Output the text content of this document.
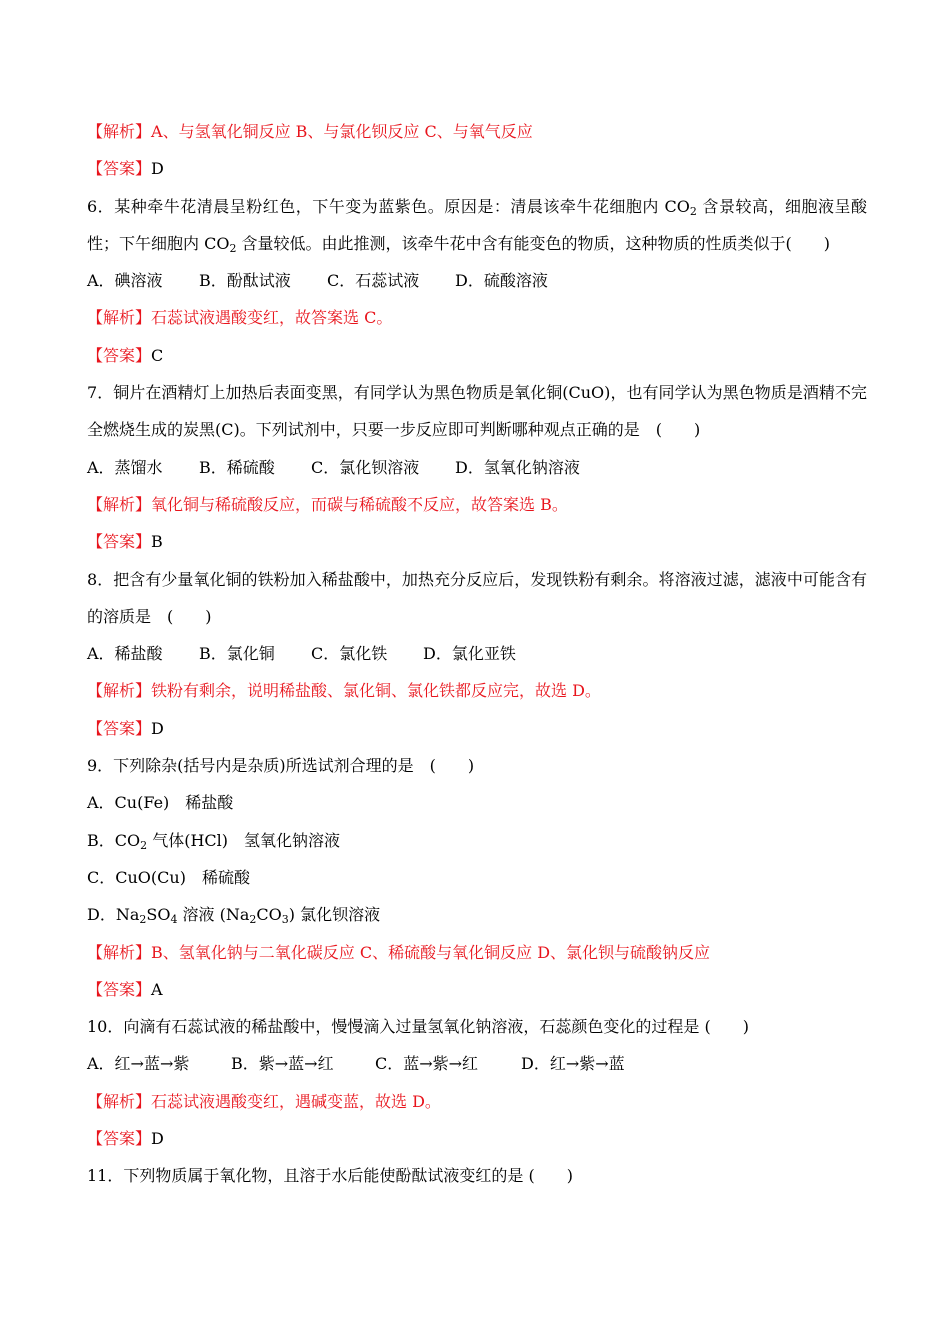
【解析】A、与氢氧化铜反应 B、与氯化钡反应 C、与氧气反应
【答案】D
6．某种牵牛花清晨呈粉红色，下午变为蓝紫色。原因是：清晨该牵牛花细胞内 $CO_2$ 含景较高，细胞液呈酸性；下午细胞内 $CO_2$ 含量较低。由此推测，该牵牛花中含有能变色的物质，这种物质的性质类似于(　　)
A．碘溶液 B．酚酞试液 C．石蕊试液 D．硫酸溶液
【解析】石蕊试液遇酸变红，故答案选 C。
【答案】C
7．铜片在酒精灯上加热后表面变黑，有同学认为黑色物质是氧化铜(CuO)，也有同学认为黑色物质是酒精不完全燃烧生成的炭黑(C)。下列试剂中，只要一步反应即可判断哪种观点正确的是　(　　)
A．蒸馏水 B．稀硫酸 C．氯化钡溶液 D．氢氧化钠溶液
【解析】氧化铜与稀硫酸反应，而碳与稀硫酸不反应，故答案选 B。
【答案】B
8．把含有少量氧化铜的铁粉加入稀盐酸中，加热充分反应后，发现铁粉有剩余。将溶液过滤，滤液中可能含有的溶质是　(　　)
A．稀盐酸 B．氯化铜 C．氯化铁 D．氯化亚铁
【解析】铁粉有剩余，说明稀盐酸、氯化铜、氯化铁都反应完，故选 D。
【答案】D
9．下列除杂(括号内是杂质)所选试剂合理的是　(　　)
A．Cu(Fe)　稀盐酸
B．$CO_2$ 气体(HCl)　氢氧化钠溶液
C．CuO(Cu)　稀硫酸
D．$Na_2SO_4$ 溶液 $(Na_2CO_3)$ 氯化钡溶液
【解析】B、氢氧化钠与二氧化碳反应 C、稀硫酸与氧化铜反应 D、氯化钡与硫酸钠反应
【答案】A
10．向滴有石蕊试液的稀盐酸中，慢慢滴入过量氢氧化钠溶液，石蕊颜色变化的过程是 (　　)
A．红→蓝→紫	B．紫→蓝→红	C．蓝→紫→红	D．红→紫→蓝
【解析】石蕊试液遇酸变红，遇碱变蓝，故选 D。
【答案】D
11．下列物质属于氧化物，且溶于水后能使酚酞试液变红的是 (　　)
